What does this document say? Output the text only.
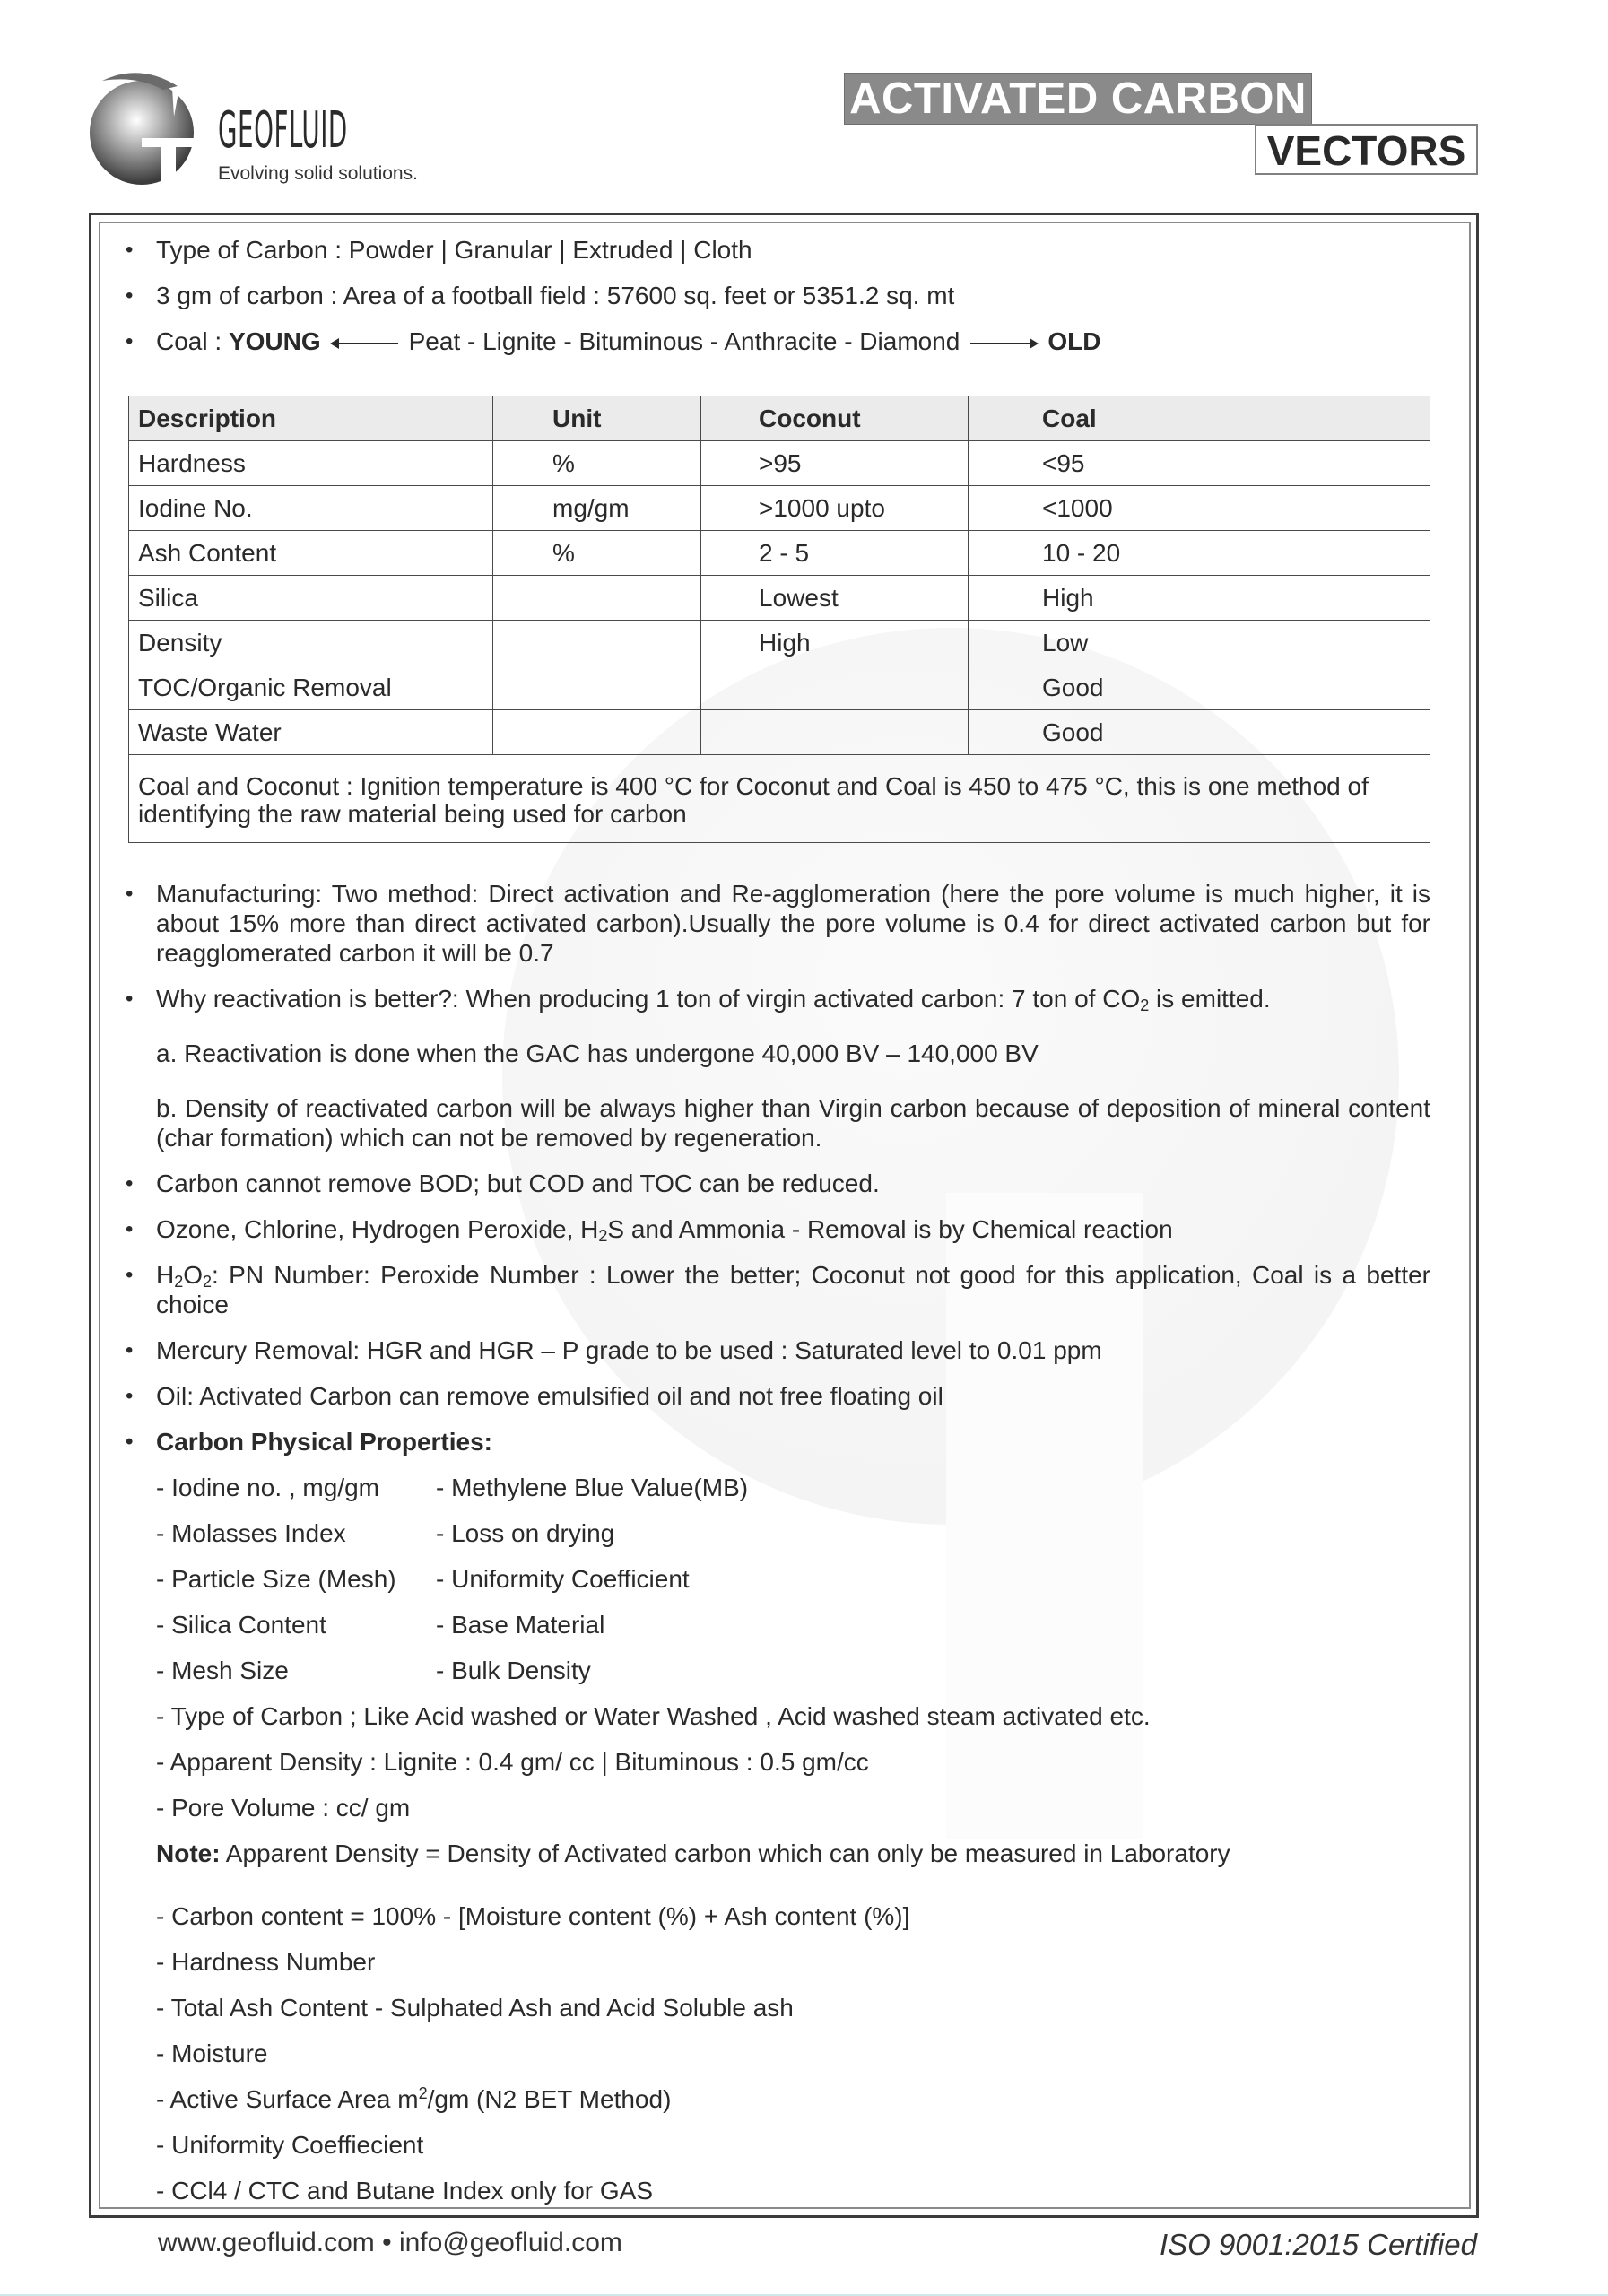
GEOFLUID
Evolving solid solutions.
ACTIVATED CARBON
VECTORS

• Type of Carbon : Powder | Granular | Extruded | Cloth

• 3 gm of carbon : Area of a football field : 57600 sq. feet or 5351.2 sq. mt

• Coal : YOUNG	Peat - Lignite - Bituminous - Anthracite - Diamond	OLD

Description	Unit	Coconut	Coal
Hardness	%	>95	<95
Iodine No.	mg/gm	>1000 upto	<1000
Ash Content	%	2 - 5	10 - 20
Silica		Lowest	High
Density		High	Low
TOC/Organic Removal			Good
Waste Water			Good
Coal and Coconut : Ignition temperature is 400 °C for Coconut and Coal is 450 to 475 °C, this is one method of identifying the raw material being used for carbon			

• Manufacturing: Two method: Direct activation and Re-agglomeration (here the pore volume is much higher, it is about 15% more than direct activated carbon).Usually the pore volume is 0.4 for direct activated carbon but for reagglomerated carbon it will be 0.7

• Why reactivation is better?: When producing 1 ton of virgin activated carbon: 7 ton of $CO_2$ is emitted.

a. Reactivation is done when the GAC has undergone 40,000 BV – 140,000 BV

b. Density of reactivated carbon will be always higher than Virgin carbon because of deposition of mineral content (char formation) which can not be removed by regeneration.

• Carbon cannot remove BOD; but COD and TOC can be reduced.

• Ozone, Chlorine, Hydrogen Peroxide, $H_2S$ and Ammonia - Removal is by Chemical reaction

• $H_2O_2$: PN Number: Peroxide Number : Lower the better; Coconut not good for this application, Coal is a better choice

• Mercury Removal: HGR and HGR – P grade to be used : Saturated level to 0.01 ppm

• Oil: Activated Carbon can remove emulsified oil and not free floating oil

• Carbon Physical Properties:

- Iodine no. , mg/gm	- Methylene Blue Value(MB)
- Molasses Index	- Loss on drying
- Particle Size (Mesh)	- Uniformity Coefficient
- Silica Content	- Base Material
- Mesh Size	- Bulk Density
- Type of Carbon ; Like Acid washed or Water Washed , Acid washed steam activated etc.
- Apparent Density : Lignite : 0.4 gm/ cc | Bituminous : 0.5 gm/cc
- Pore Volume : cc/ gm
Note: Apparent Density = Density of Activated carbon which can only be measured in Laboratory
- Carbon content = 100% - [Moisture content (%) + Ash content (%)]
- Hardness Number
- Total Ash Content - Sulphated Ash and Acid Soluble ash
- Moisture
- Active Surface Area $m^2/gm$ (N2 BET Method)
- Uniformity Coeffiecient
- CCl4 / CTC and Butane Index only for GAS
www.geofluid.com • info@geofluid.com	ISO 9001:2015 Certified
